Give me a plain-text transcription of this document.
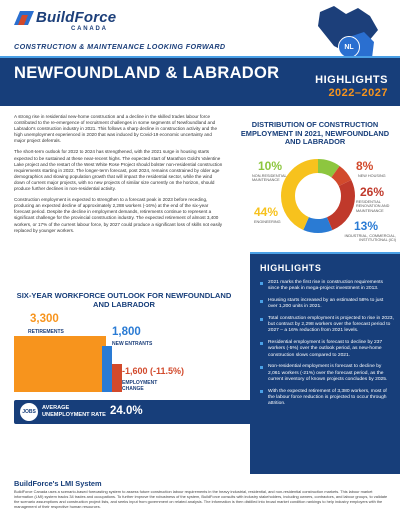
BuildForce
CANADA
CONSTRUCTION & MAINTENANCE LOOKING FORWARD	NL
NEWFOUNDLAND & LABRADOR	HIGHLIGHTS
2022–2027

A strong rise in residential new-home construction and a decline in the skilled trades labour force contributed to the re-emergence of recruitment challenges in some segments of Newfoundland and Labrador's construction industry in 2021. This follows a sharp decline in construction activity and the high unemployment experienced in 2020 that was induced by Covid-19 economic uncertainty and major project deferrals.

The short-term outlook for 2022 to 2024 has strengthened, with the 2021 surge in housing starts expected to be sustained at these near-recent highs. The expected start of Marathon Gold's Valentine Lake project and the restart of the West White Rose Project should bolster non-residential construction requirements starting in 2022. The longer-term forecast, post 2024, remains constrained by older age demographics and slowing population growth that will impact the residential sector, while the wind down of current major projects, with no new projects of similar size currently on the horizon, should produce further declines in non-residential activity.

Construction employment is expected to strengthen to a forecast peak in 2023 before receding, producing an expected decline of approximately 2,288 workers (-16%) at the end of the six-year forecast period. Despite the decline in employment demands, retirements continue to represent a significant challenge for the provincial construction industry. The expected retirement of almost 3,400 workers, or 17% of the current labour force, by 2027 could produce a significant loss of skills not easily replaced by younger workers.

DISTRIBUTION OF CONSTRUCTION EMPLOYMENT IN 2021, NEWFOUNDLAND AND LABRADOR
10%
NON-RESIDENTIAL MAINTENANCE
8%
NEW HOUSING
26%
RESIDENTIAL RENOVATION AND MAINTENANCE
13%
INDUSTRIAL, COMMERCIAL, INSTITUTIONAL (ICI)
44%
ENGINEERING
SIX-YEAR WORKFORCE OUTLOOK FOR NEWFOUNDLAND AND LABRADOR
3,300
RETIREMENTS	1,800
NEW ENTRANTS
-1,600 (-11.5%)
EMPLOYMENT CHANGE
JOBS
AVERAGE UNEMPLOYMENT RATE 24.0%
HIGHLIGHTS
2021 marks the first rise in construction requirements since the peak in mega-project investment in 2013.
Housing starts increased by an estimated 58% to just over 1,200 units in 2021.
Total construction employment is projected to rise in 2023, but contract by 2,298 workers over the forecast period to 2027 – a 16% reduction from 2021 levels.
Residential employment is forecast to decline by 237 workers (-5%) over the outlook period, as new-home construction slows compared to 2021.
Non-residential employment is forecast to decline by 2,061 workers (-21%) over the forecast period, as the current inventory of known projects concludes by 2025.
With the expected retirement of 3,380 workers, most of the labour force reduction is projected to occur through attrition.
BuildForce's LMI System
BuildForce Canada uses a scenario-based forecasting system to assess future construction labour requirements in the heavy industrial, residential, and non-residential construction markets. This labour market information (LMI) system tracks 34 trades and occupations. To further improve the robustness of the system, BuildForce consults with industry stakeholders, including owners, contractors, and labour groups, to validate the scenario assumptions and construction project lists, and seeks input from government on related analysis. The information is then distilled into broad market condition rankings to help industry employers with the management of their respective human resources.
